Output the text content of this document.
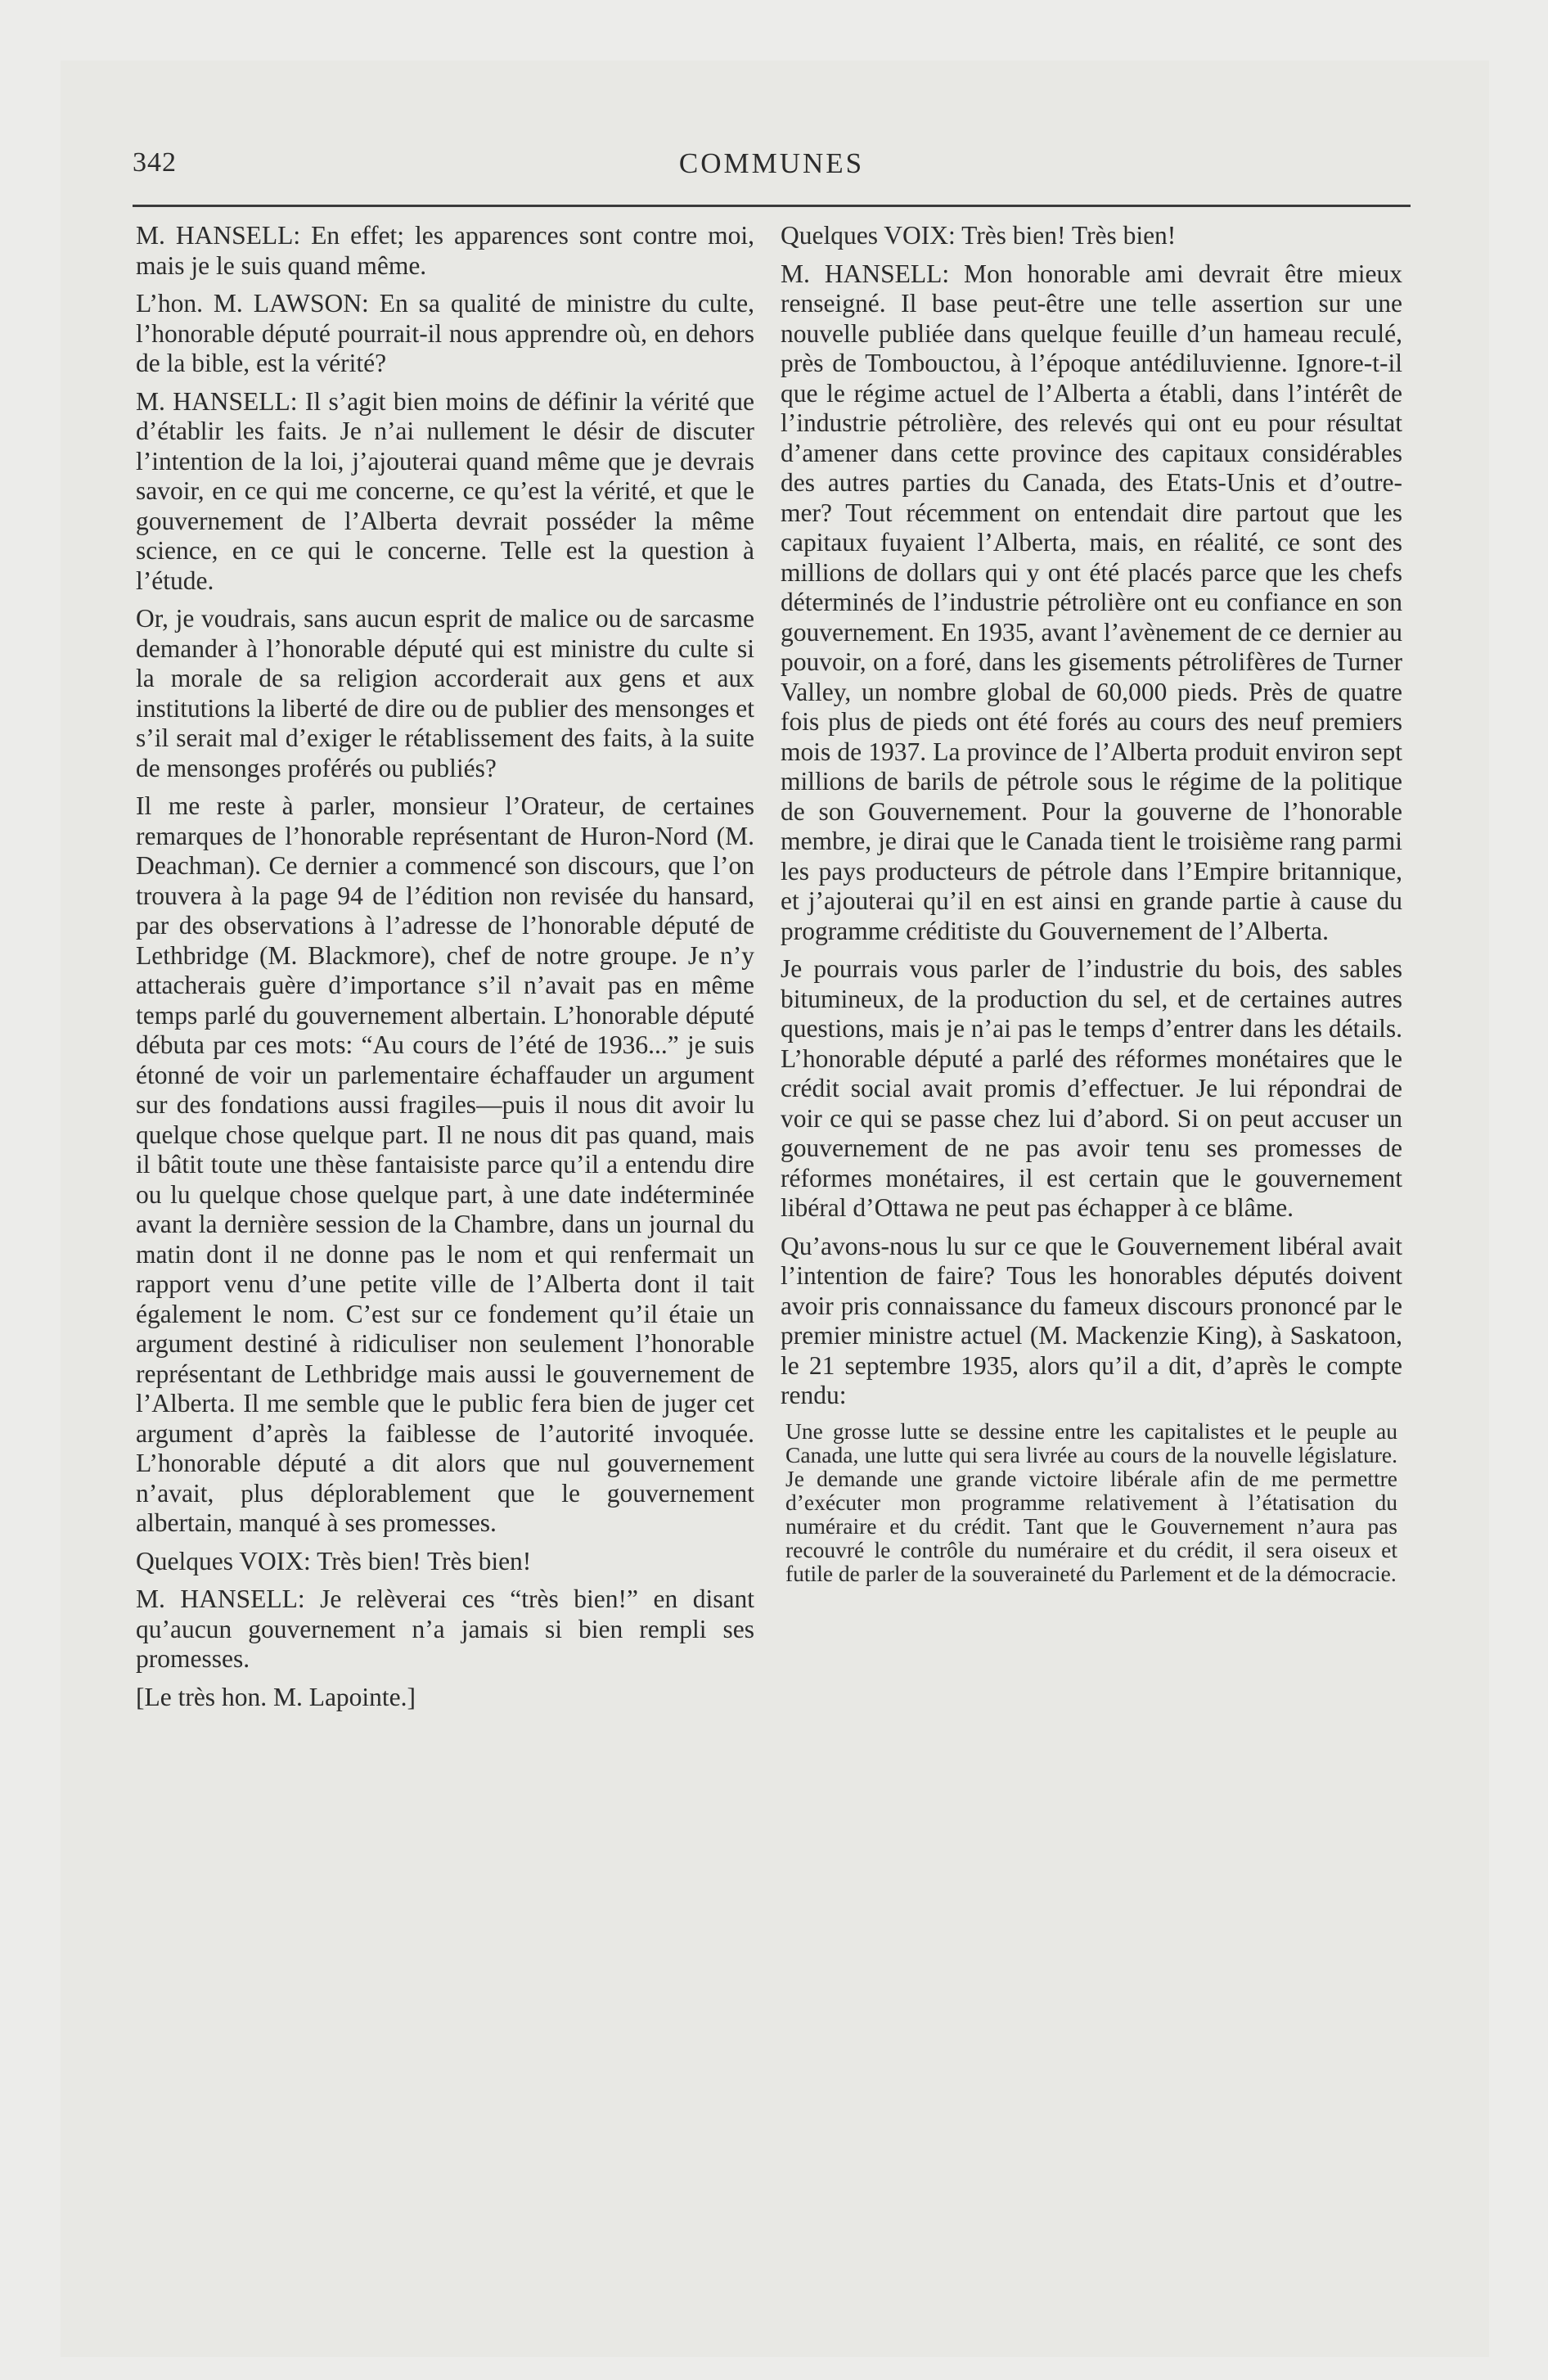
342	COMMUNES

M. HANSELL: En effet; les apparences sont contre moi, mais je le suis quand même.

L’hon. M. LAWSON: En sa qualité de ministre du culte, l’honorable député pourrait-il nous apprendre où, en dehors de la bible, est la vérité?

M. HANSELL: Il s’agit bien moins de définir la vérité que d’établir les faits. Je n’ai nullement le désir de discuter l’intention de la loi, j’ajouterai quand même que je devrais savoir, en ce qui me concerne, ce qu’est la vérité, et que le gouvernement de l’Alberta devrait posséder la même science, en ce qui le concerne. Telle est la question à l’étude.

Or, je voudrais, sans aucun esprit de malice ou de sarcasme demander à l’honorable député qui est ministre du culte si la morale de sa religion accorderait aux gens et aux institutions la liberté de dire ou de publier des mensonges et s’il serait mal d’exiger le rétablissement des faits, à la suite de mensonges proférés ou publiés?

Il me reste à parler, monsieur l’Orateur, de certaines remarques de l’honorable représentant de Huron-Nord (M. Deachman). Ce dernier a commencé son discours, que l’on trouvera à la page 94 de l’édition non revisée du hansard, par des observations à l’adresse de l’honorable député de Lethbridge (M. Blackmore), chef de notre groupe. Je n’y attacherais guère d’importance s’il n’avait pas en même temps parlé du gouvernement albertain. L’honorable député débuta par ces mots: “Au cours de l’été de 1936...” je suis étonné de voir un parlementaire échaffauder un argument sur des fondations aussi fragiles—puis il nous dit avoir lu quelque chose quelque part. Il ne nous dit pas quand, mais il bâtit toute une thèse fantaisiste parce qu’il a entendu dire ou lu quelque chose quelque part, à une date indéterminée avant la dernière session de la Chambre, dans un journal du matin dont il ne donne pas le nom et qui renfermait un rapport venu d’une petite ville de l’Alberta dont il tait également le nom. C’est sur ce fondement qu’il étaie un argument destiné à ridiculiser non seulement l’honorable représentant de Lethbridge mais aussi le gouvernement de l’Alberta. Il me semble que le public fera bien de juger cet argument d’après la faiblesse de l’autorité invoquée. L’honorable député a dit alors que nul gouvernement n’avait, plus déplorablement que le gouvernement albertain, manqué à ses promesses.

Quelques VOIX: Très bien! Très bien!

M. HANSELL: Je relèverai ces “très bien!” en disant qu’aucun gouvernement n’a jamais si bien rempli ses promesses.

[Le très hon. M. Lapointe.]

Quelques VOIX: Très bien! Très bien!

M. HANSELL: Mon honorable ami devrait être mieux renseigné. Il base peut-être une telle assertion sur une nouvelle publiée dans quelque feuille d’un hameau reculé, près de Tombouctou, à l’époque antédiluvienne. Ignore-t-il que le régime actuel de l’Alberta a établi, dans l’intérêt de l’industrie pétrolière, des relevés qui ont eu pour résultat d’amener dans cette province des capitaux considérables des autres parties du Canada, des Etats-Unis et d’outre-mer? Tout récemment on entendait dire partout que les capitaux fuyaient l’Alberta, mais, en réalité, ce sont des millions de dollars qui y ont été placés parce que les chefs déterminés de l’industrie pétrolière ont eu confiance en son gouvernement. En 1935, avant l’avènement de ce dernier au pouvoir, on a foré, dans les gisements pétrolifères de Turner Valley, un nombre global de 60,000 pieds. Près de quatre fois plus de pieds ont été forés au cours des neuf premiers mois de 1937. La province de l’Alberta produit environ sept millions de barils de pétrole sous le régime de la politique de son Gouvernement. Pour la gouverne de l’honorable membre, je dirai que le Canada tient le troisième rang parmi les pays producteurs de pétrole dans l’Empire britannique, et j’ajouterai qu’il en est ainsi en grande partie à cause du programme créditiste du Gouvernement de l’Alberta.

Je pourrais vous parler de l’industrie du bois, des sables bitumineux, de la production du sel, et de certaines autres questions, mais je n’ai pas le temps d’entrer dans les détails. L’honorable député a parlé des réformes monétaires que le crédit social avait promis d’effectuer. Je lui répondrai de voir ce qui se passe chez lui d’abord. Si on peut accuser un gouvernement de ne pas avoir tenu ses promesses de réformes monétaires, il est certain que le gouvernement libéral d’Ottawa ne peut pas échapper à ce blâme.

Qu’avons-nous lu sur ce que le Gouvernement libéral avait l’intention de faire? Tous les honorables députés doivent avoir pris connaissance du fameux discours prononcé par le premier ministre actuel (M. Mackenzie King), à Saskatoon, le 21 septembre 1935, alors qu’il a dit, d’après le compte rendu:

Une grosse lutte se dessine entre les capitalistes et le peuple au Canada, une lutte qui sera livrée au cours de la nouvelle législature. Je demande une grande victoire libérale afin de me permettre d’exécuter mon programme relativement à l’étatisation du numéraire et du crédit. Tant que le Gouvernement n’aura pas recouvré le contrôle du numéraire et du crédit, il sera oiseux et futile de parler de la souveraineté du Parlement et de la démocracie.
